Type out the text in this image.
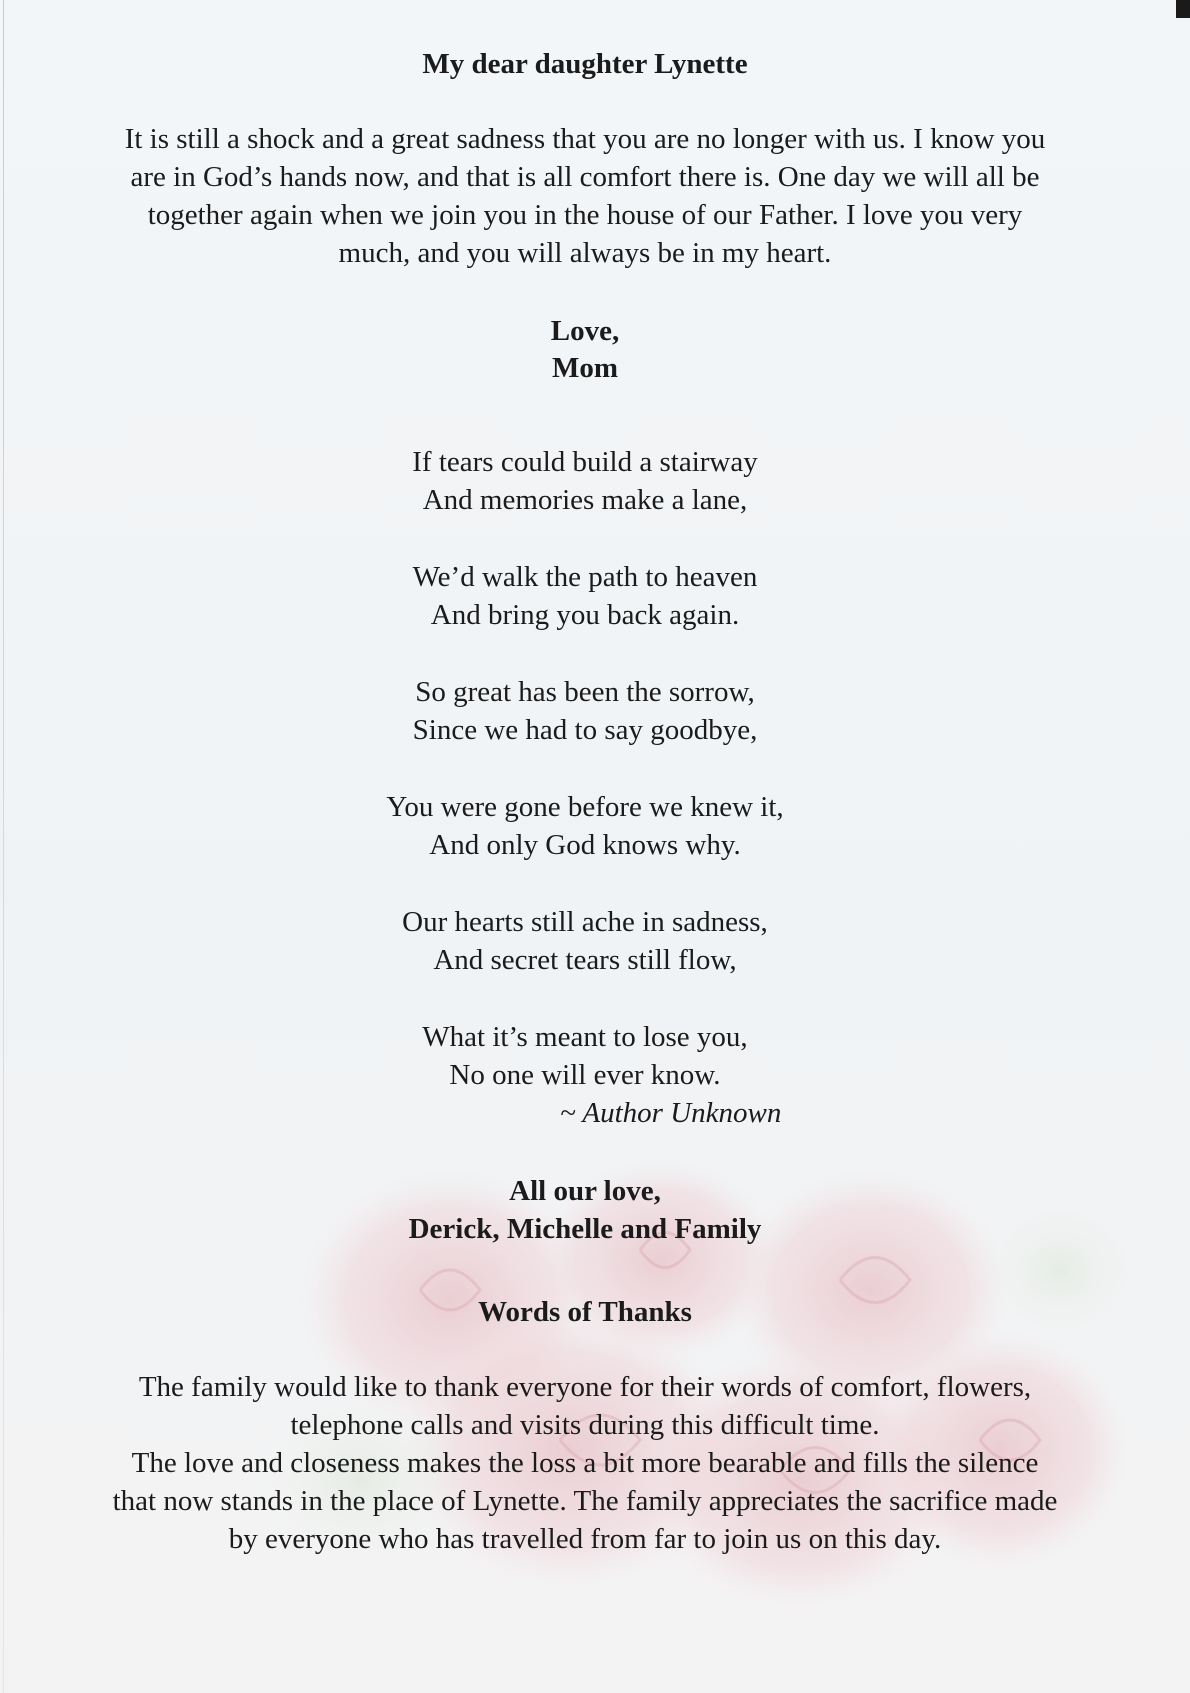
My dear daughter Lynette
It is still a shock and a great sadness that you are no longer with us. I know you
are in God’s hands now, and that is all comfort there is. One day we will all be
together again when we join you in the house of our Father. I love you very
much, and you will always be in my heart.
Love,
Mom
If tears could build a stairway
And memories make a lane,
We’d walk the path to heaven
And bring you back again.
So great has been the sorrow,
Since we had to say goodbye,
You were gone before we knew it,
And only God knows why.
Our hearts still ache in sadness,
And secret tears still flow,
What it’s meant to lose you,
No one will ever know.
~ Author Unknown
All our love,
Derick, Michelle and Family
Words of Thanks
The family would like to thank everyone for their words of comfort, flowers,
telephone calls and visits during this difficult time.
The love and closeness makes the loss a bit more bearable and fills the silence
that now stands in the place of Lynette. The family appreciates the sacrifice made
by everyone who has travelled from far to join us on this day.
